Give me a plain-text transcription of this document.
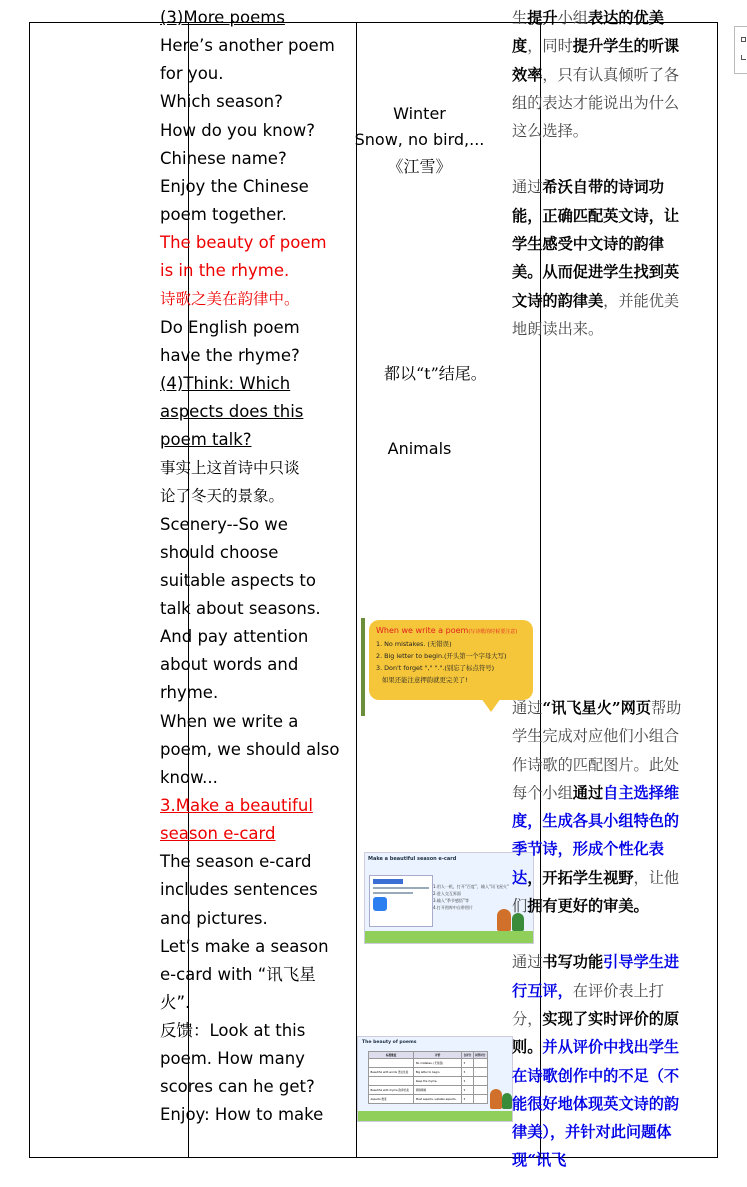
(3)More poems
Here’s another poem
for you.
Which season?
How do you know?
Chinese name?
Enjoy the Chinese
poem together.
The beauty of poem
is in the rhyme.
诗歌之美在韵律中。
Do English poem
have the rhyme?
(4)Think: Which
aspects does this
poem talk?
事实上这首诗中只谈
论了冬天的景象。
Scenery--So we
should choose
suitable aspects to
talk about seasons.
And pay attention
about words and
rhyme.
When we write a
poem, we should also
know...
3.Make a beautiful
season e-card
The season e-card
includes sentences
and pictures.
Let’s make a season
e-card with “讯飞星
火”.
反馈：Look at this
poem. How many
scores can he get?
Enjoy: How to make
Winter
Snow, no bird,...
《江雪》
都以“t”结尾。
Animals
When we write a poem(写诗歌的时候要注意)
1. No mistakes. (无错误)
2. Big letter to begin.(开头第一个字母大写)
3. Don't forget "," ".".(别忘了标点符号)
如果还能注意押韵就更完美了!
Make a beautiful season e-card
1.用人一机，打开“百度”，输入“讯飞星火”
2.进入交互界面
3.输入“季节感悟”等
4.打开图库中自带图片
The beauty of poems
标准维度	评价	自评分	同伴评分
	No mistakes. (无错误)	5	
Beautiful with words 语言优美	Big letter to begin.	5	
	Keep the rhyme.	5	
Beautiful with rhyme 韵律优美	押韵顺畅	5	
Aspects 维度	Most aspects, suitable aspects.	5	

生提升小组表达的优美度，同时提升学生的听课效率，只有认真倾听了各组的表达才能说出为什么这么选择。

通过希沃自带的诗词功能，正确匹配英文诗，让学生感受中文诗的韵律美。从而促进学生找到英文诗的韵律美，并能优美地朗读出来。

通过“讯飞星火”网页帮助学生完成对应他们小组合作诗歌的匹配图片。此处每个小组通过自主选择维度，生成各具小组特色的季节诗，形成个性化表达，开拓学生视野，让他们拥有更好的审美。

通过书写功能引导学生进行互评，在评价表上打分，实现了实时评价的原则。并从评价中找出学生在诗歌创作中的不足（不能很好地体现英文诗的韵律美），并针对此问题体现“讯飞
